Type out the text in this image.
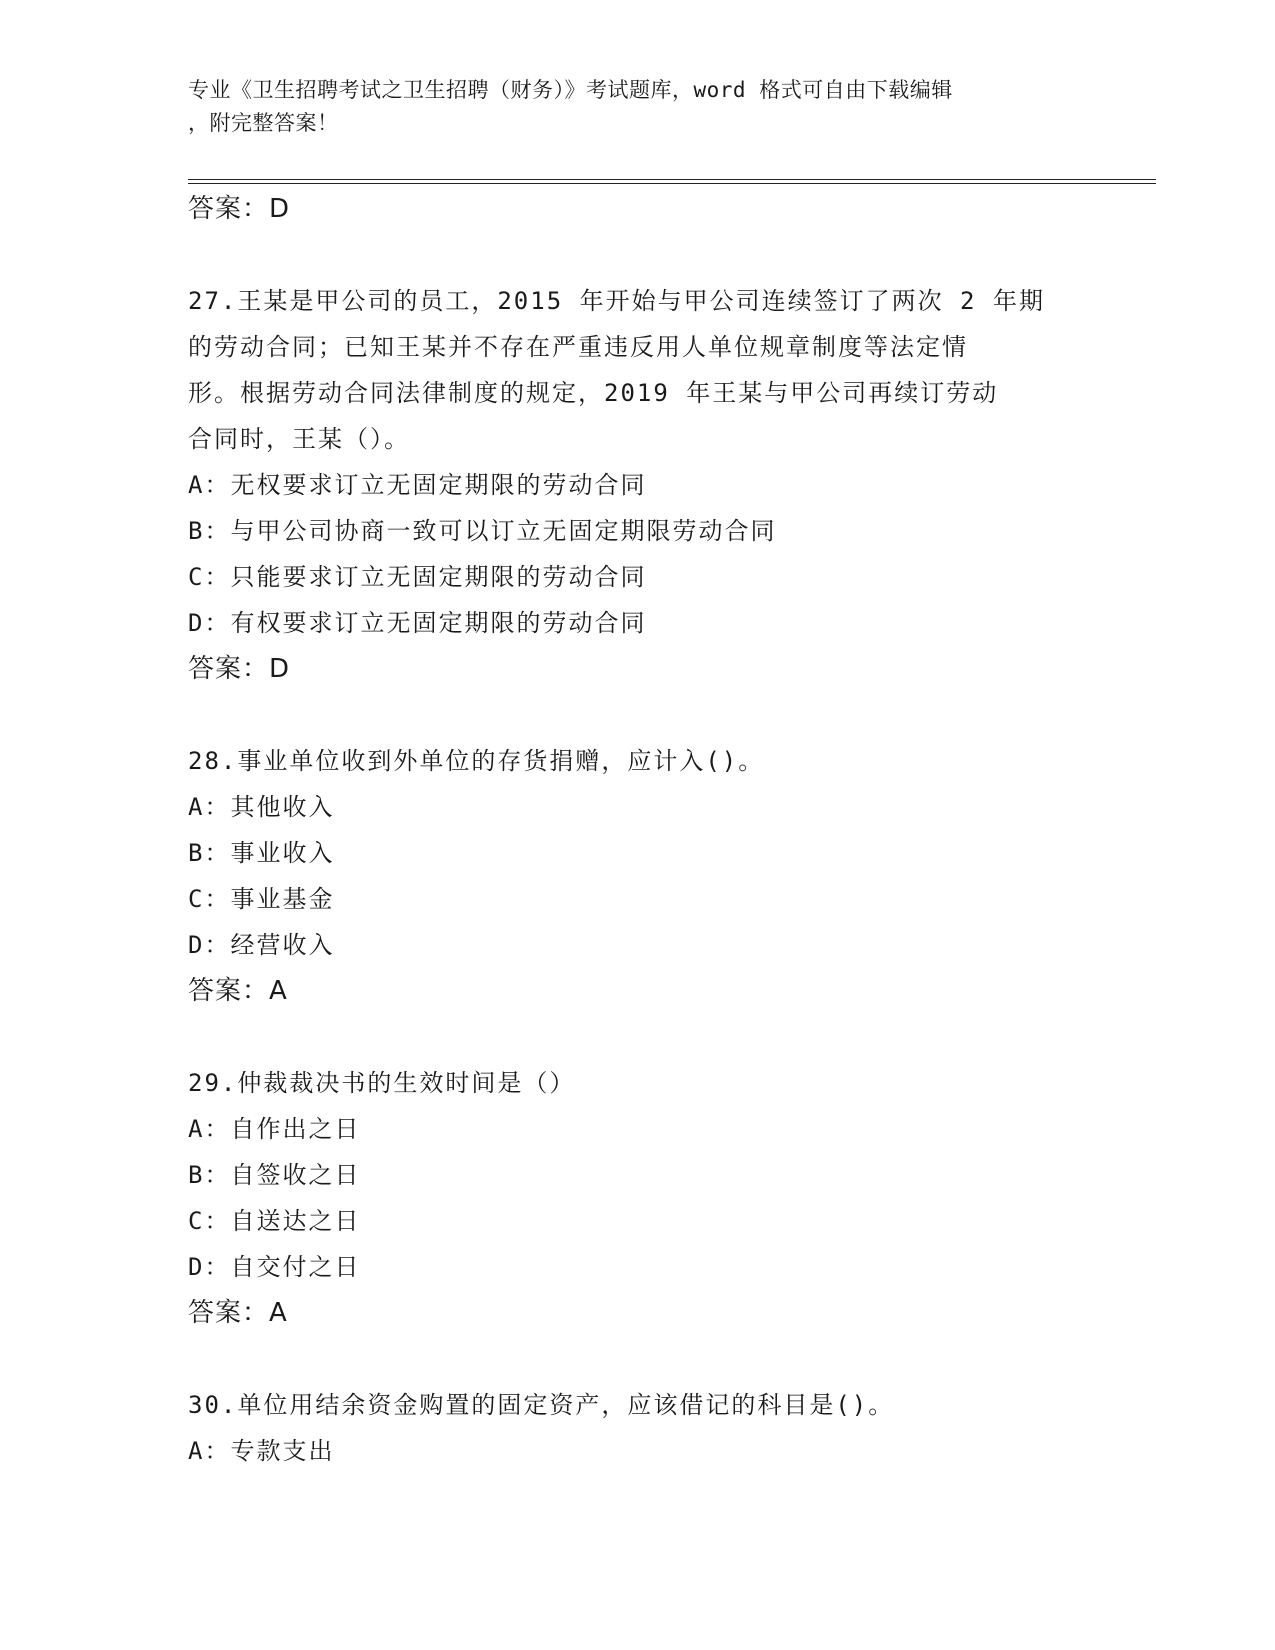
专业《卫生招聘考试之卫生招聘（财务）》考试题库，word 格式可自由下载编辑
，附完整答案！
答案：D
27.王某是甲公司的员工，2015 年开始与甲公司连续签订了两次 2 年期
的劳动合同；已知王某并不存在严重违反用人单位规章制度等法定情
形。根据劳动合同法律制度的规定，2019 年王某与甲公司再续订劳动
合同时，王某（）。
A：无权要求订立无固定期限的劳动合同
B：与甲公司协商一致可以订立无固定期限劳动合同
C：只能要求订立无固定期限的劳动合同
D：有权要求订立无固定期限的劳动合同
答案：D
28.事业单位收到外单位的存货捐赠，应计入()。
A：其他收入
B：事业收入
C：事业基金
D：经营收入
答案：A
29.仲裁裁决书的生效时间是（）
A：自作出之日
B：自签收之日
C：自送达之日
D：自交付之日
答案：A
30.单位用结余资金购置的固定资产，应该借记的科目是()。
A：专款支出
